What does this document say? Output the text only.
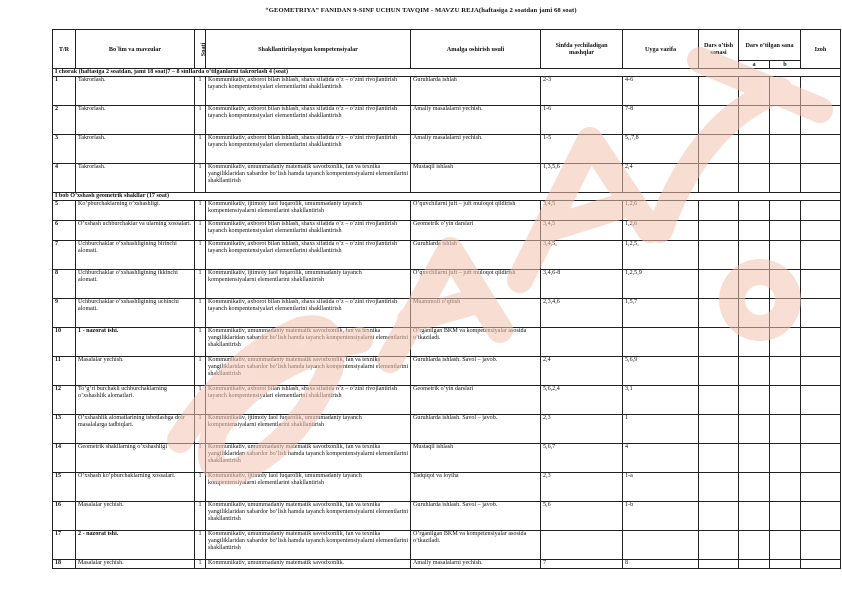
“GEOMETRIYA” FANIDAN 9-SINF UCHUN TAVQIM - MAVZU REJA(haftasiga 2 soatdan jami 68 soat)
T/R	Bo`lim va mavzular	Soati	Shakllantirilayotgan kompetensiyalar	Amalga oshirish usuli	Sinfda yechiladigan mashqlar	Uyga vazifa	Dars o’tish sanasi	Dars o’tilgan sana		Izoh
								a	b	
I chorak (haftasiga 2 soatdan, jami 18 soat)7 – 8 sinflarda o’tilganlarni takrorlash 4 (soat)										
1	Takrorlash.	1	Kommunikativ, axborot bilan ishlash, shaxs sifatida o’z – o’zini rivojlantirish tayanch kompentensiyalari elementlarini shakllantirish	Guruhlarda ishlah	2-3	4-6				
2	Takrorlash.	1	Kommunikativ, axborot bilan ishlash, shaxs sifatida o’z – o’zini rivojlantirish tayanch kompentensiyalari elementlarini shakllantirish	Amaliy masalalarni yechish.	1-6	7-8				
3	Takrorlash.	1	Kommunikativ, axborot bilan ishlash, shaxs sifatida o’z – o’zini rivojlantirish tayanch kompentensiyalari elementlarini shakllantirish	Amaliy masalalarni yechish.	1-5	5,,7,8				
4	Takrorlash.	1	Kommunikativ, umummadaniy matematik savodxonlik, fan va texnika yangiliklaridan xabardor bo’lish hamda tayanch kompentensiyalarni elementlarini shakllantirish	Mustaqil ishlash	1,3,5,6	2,4				
I bob O’xshash geometrik shakllar (17 soat)										
5	Ko’pburchaklarning o’xshashligi.	1	Kommunikativ, ijtimoiy faol fuqarolik, umummadaniy tayanch kompentensiyalarni elementlarini shakllantirish	O’quvchilarni juft – juft muloqot qildirish	3,4,5	1,2,6				
6	O’xshash uchburchaklar va ularning xossalari.	1	Kommunikativ, axborot bilan ishlash, shaxs sifatida o’z – o’zini rivojlantirish tayanch kompentensiyalari elementlarini shakllantirish	Geometrik o’yin darslari	3,4,5	1,2,6				
7	Uchburchaklar o’xshashligining birinchi alomati.	1	Kommunikativ, axborot bilan ishlash, shaxs sifatida o’z – o’zini rivojlantirish tayanch kompentensiyalari elementlarini shakllantirish	Guruhlarda ishlah	3,4,5,	1,2,5,				
8	Uchburchaklar o’xshashligining ikkinchi alomati.	1	Kommunikativ, ijtimoiy faol fuqarolik, umummadaniy tayanch kompentensiyalarni elementlarini shakllantirish	O’quvchilarni juft – juft muloqot qildirish	3,4,6-8	1,2,5,9				
9	Uchburchaklar o’xshashligining uchinchi alomati.	1	Kommunikativ, axborot bilan ishlash, shaxs sifatida o’z – o’zini rivojlantirish tayanch kompentensiyalari elementlarini shakllantirish	Muammoli o’qitish	2,3,4,6	1,5,7				
10	1 - nazorat ishi.	1	Kommunikativ, umummadaniy matematik savodxonlik, fan va texnika yangiliklaridan xabardor bo’lish hamda tayanch kompentensiyalarni elementlarini shakllantirish	O’rganilgan BKM va kompetensiyalar asosida o’tkaziladi.						
11	Masalalar yechish.	1	Kommunikativ, umummadaniy matematik savodxonlik, fan va texnika yangiliklaridan xabardor bo’lish hamda tayanch kompentensiyalarni elementlarini shakllantirish	Guruhlarda ishlash. Savol – javob.	2,4	5,6,9				
12	To’g’ri burchakli uchburchaklarning o’xshashlik alomatlari.	1	Kommunikativ, axborot bilan ishlash, shaxs sifatida o’z – o’zini rivojlantirish tayanch kompentensiyalari elementlarini shakllantirish	Geometrik o’yin darslari	5,6,2,4	3,1				
13	O’xshashlik alomatlarining isbotlashga doir masalalarga tadbiqlari.	1	Kommunikativ, ijtimoiy faol fuqarolik, umummadaniy tayanch kompentensiyalarni elementlarini shakllantirish	Guruhlarda ishlash. Savol – javob.	2,3	1				
14	Geometrik shakllarning o’xshashligi	1	Kommunikativ, umummadaniy matematik savodxonlik, fan va texnika yangiliklaridan xabardor bo’lish hamda tayanch kompentensiyalarni elementlarini shakllantirish	Mustaqil ishlash	5,6,7	4				
15	O’xshash ko’pburchaklarning xossalari.	1	Kommunikativ, ijtimoiy faol fuqarolik, umummadaniy tayanch kompentensiyalarni elementlarini shakllantirish	Tadqiqot va loyiha	2,3	1-a				
16	Masalalar yechish.	1	Kommunikativ, umummadaniy matematik savodxonlik, fan va texnika yangiliklaridan xabardor bo’lish hamda tayanch kompentensiyalarni elementlarini shakllantirish	Guruhlarda ishlash. Savol – javob.	5,6	1-b				
17	2 - nazorat ishi.	1	Kommunikativ, umummadaniy matematik savodxonlik, fan va texnika yangiliklaridan xabardor bo’lish hamda tayanch kompentensiyalarni elementlarini shakllantirish	O’rganilgan BKM va kompetensiyalar asosida o’tkaziladi.						
18	Masalalar yechish.	1	Kommunikativ, umummadaniy matematik savodxonlik.	Amaliy masalalarni yechish.	7	8				
